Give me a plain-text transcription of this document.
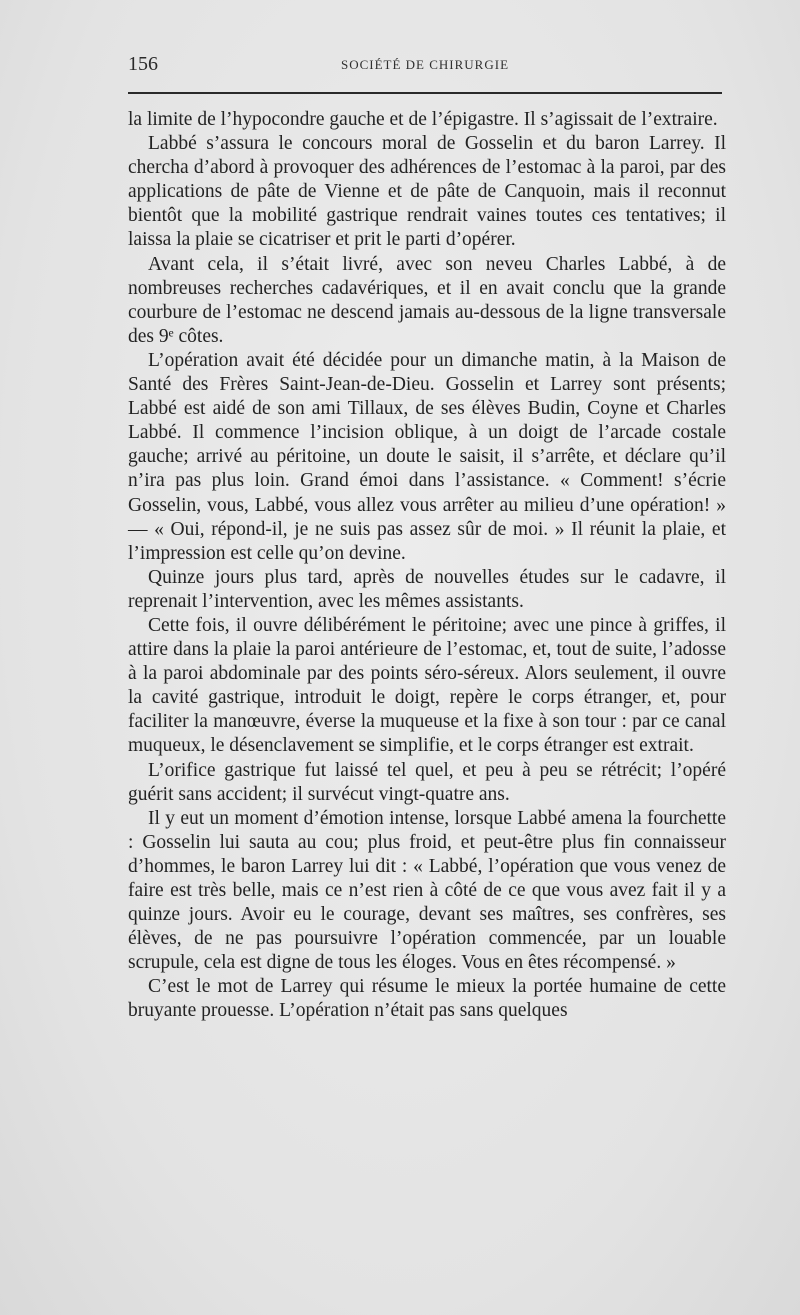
156	SOCIÉTÉ DE CHIRURGIE

la limite de l’hypocondre gauche et de l’épigastre. Il s’agissait de l’extraire.

Labbé s’assura le concours moral de Gosselin et du baron Larrey. Il chercha d’abord à provoquer des adhérences de l’estomac à la paroi, par des applications de pâte de Vienne et de pâte de Canquoin, mais il reconnut bientôt que la mobilité gastrique rendrait vaines toutes ces tentatives; il laissa la plaie se cicatriser et prit le parti d’opérer.

Avant cela, il s’était livré, avec son neveu Charles Labbé, à de nombreuses recherches cadavériques, et il en avait conclu que la grande courbure de l’estomac ne descend jamais au-dessous de la ligne transversale des 9ᵉ côtes.

L’opération avait été décidée pour un dimanche matin, à la Maison de Santé des Frères Saint-Jean-de-Dieu. Gosselin et Larrey sont présents; Labbé est aidé de son ami Tillaux, de ses élèves Budin, Coyne et Charles Labbé. Il commence l’incision oblique, à un doigt de l’arcade costale gauche; arrivé au péritoine, un doute le saisit, il s’arrête, et déclare qu’il n’ira pas plus loin. Grand émoi dans l’assistance. « Comment! s’écrie Gosselin, vous, Labbé, vous allez vous arrêter au milieu d’une opération! » — « Oui, répond-il, je ne suis pas assez sûr de moi. » Il réunit la plaie, et l’impression est celle qu’on devine.

Quinze jours plus tard, après de nouvelles études sur le cadavre, il reprenait l’intervention, avec les mêmes assistants.

Cette fois, il ouvre délibérément le péritoine; avec une pince à griffes, il attire dans la plaie la paroi antérieure de l’estomac, et, tout de suite, l’adosse à la paroi abdominale par des points séro-séreux. Alors seulement, il ouvre la cavité gastrique, introduit le doigt, repère le corps étranger, et, pour faciliter la manœuvre, éverse la muqueuse et la fixe à son tour : par ce canal muqueux, le désenclavement se simplifie, et le corps étranger est extrait.

L’orifice gastrique fut laissé tel quel, et peu à peu se rétrécit; l’opéré guérit sans accident; il survécut vingt-quatre ans.

Il y eut un moment d’émotion intense, lorsque Labbé amena la fourchette : Gosselin lui sauta au cou; plus froid, et peut-être plus fin connaisseur d’hommes, le baron Larrey lui dit : « Labbé, l’opération que vous venez de faire est très belle, mais ce n’est rien à côté de ce que vous avez fait il y a quinze jours. Avoir eu le courage, devant ses maîtres, ses confrères, ses élèves, de ne pas poursuivre l’opération commencée, par un louable scrupule, cela est digne de tous les éloges. Vous en êtes récompensé. »

C’est le mot de Larrey qui résume le mieux la portée humaine de cette bruyante prouesse. L’opération n’était pas sans quelques
